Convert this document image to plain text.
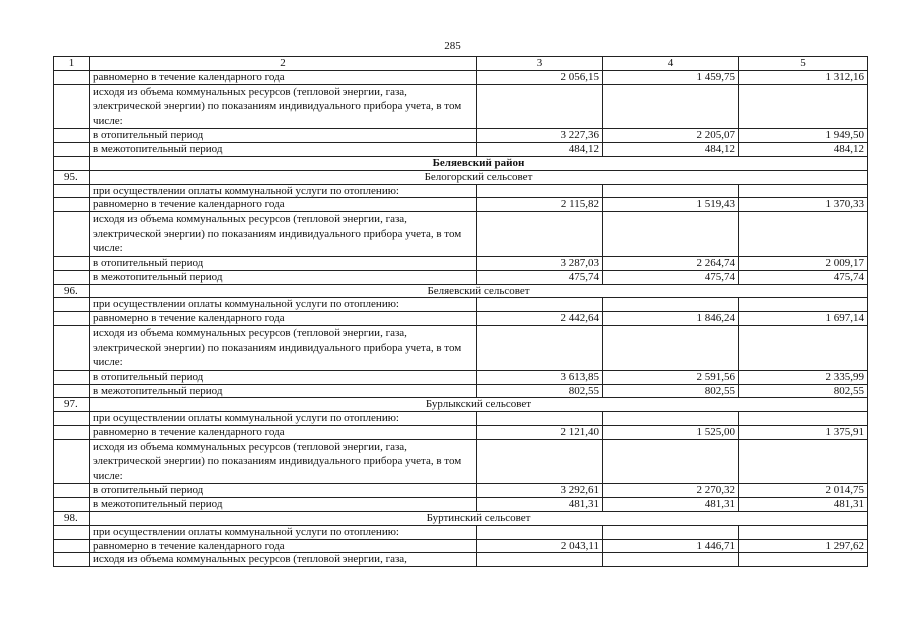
285
1	2	3	4	5
	равномерно в течение календарного года	2 056,15	1 459,75	1 312,16
	исходя из объема коммунальных ресурсов (тепловой энергии, газа, электрической энергии) по показаниям индивидуального прибора учета, в том числе:			
	в отопительный период	3 227,36	2 205,07	1 949,50
	в межотопительный период	484,12	484,12	484,12
	Беляевский район			
95.	Белогорский сельсовет			
	при осуществлении оплаты коммунальной услуги по отоплению:			
	равномерно в течение календарного года	2 115,82	1 519,43	1 370,33
	исходя из объема коммунальных ресурсов (тепловой энергии, газа, электрической энергии) по показаниям индивидуального прибора учета, в том числе:			
	в отопительный период	3 287,03	2 264,74	2 009,17
	в межотопительный период	475,74	475,74	475,74
96.	Беляевский сельсовет			
	при осуществлении оплаты коммунальной услуги по отоплению:			
	равномерно в течение календарного года	2 442,64	1 846,24	1 697,14
	исходя из объема коммунальных ресурсов (тепловой энергии, газа, электрической энергии) по показаниям индивидуального прибора учета, в том числе:			
	в отопительный период	3 613,85	2 591,56	2 335,99
	в межотопительный период	802,55	802,55	802,55
97.	Бурлыкский сельсовет			
	при осуществлении оплаты коммунальной услуги по отоплению:			
	равномерно в течение календарного года	2 121,40	1 525,00	1 375,91
	исходя из объема коммунальных ресурсов (тепловой энергии, газа, электрической энергии) по показаниям индивидуального прибора учета, в том числе:			
	в отопительный период	3 292,61	2 270,32	2 014,75
	в межотопительный период	481,31	481,31	481,31
98.	Буртинский сельсовет			
	при осуществлении оплаты коммунальной услуги по отоплению:			
	равномерно в течение календарного года	2 043,11	1 446,71	1 297,62
	исходя из объема коммунальных ресурсов (тепловой энергии, газа,			
